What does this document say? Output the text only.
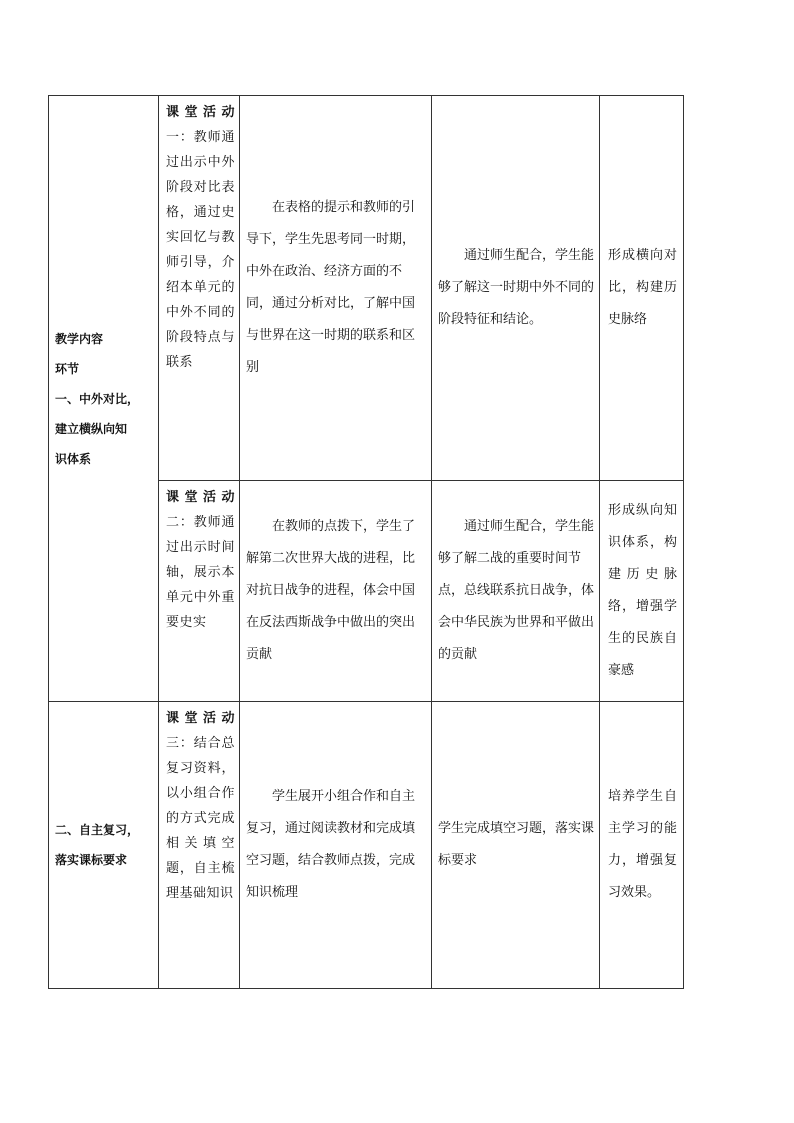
教学内容
环节
一、中外对比，
建立横纵向知
识体系	课堂活动一：教师通过出示中外阶段对比表格，通过史实回忆与教师引导，介绍本单元的中外不同的阶段特点与联系	在表格的提示和教师的引导下，学生先思考同一时期，中外在政治、经济方面的不同，通过分析对比，了解中国与世界在这一时期的联系和区别	通过师生配合，学生能够了解这一时期中外不同的阶段特征和结论。	形成横向对比，构建历史脉络
	课堂活动二：教师通过出示时间轴，展示本单元中外重要史实	在教师的点拨下，学生了解第二次世界大战的进程，比对抗日战争的进程，体会中国在反法西斯战争中做出的突出贡献	通过师生配合，学生能够了解二战的重要时间节点，总线联系抗日战争，体会中华民族为世界和平做出的贡献	形成纵向知识体系，构建历史脉络，增强学生的民族自豪感

二、自主复习，
落实课标要求	课堂活动三：结合总复习资料，以小组合作的方式完成相关填空题，自主梳理基础知识	学生展开小组合作和自主复习，通过阅读教材和完成填空习题，结合教师点拨，完成知识梳理	学生完成填空习题，落实课标要求	培养学生自主学习的能力，增强复习效果。
